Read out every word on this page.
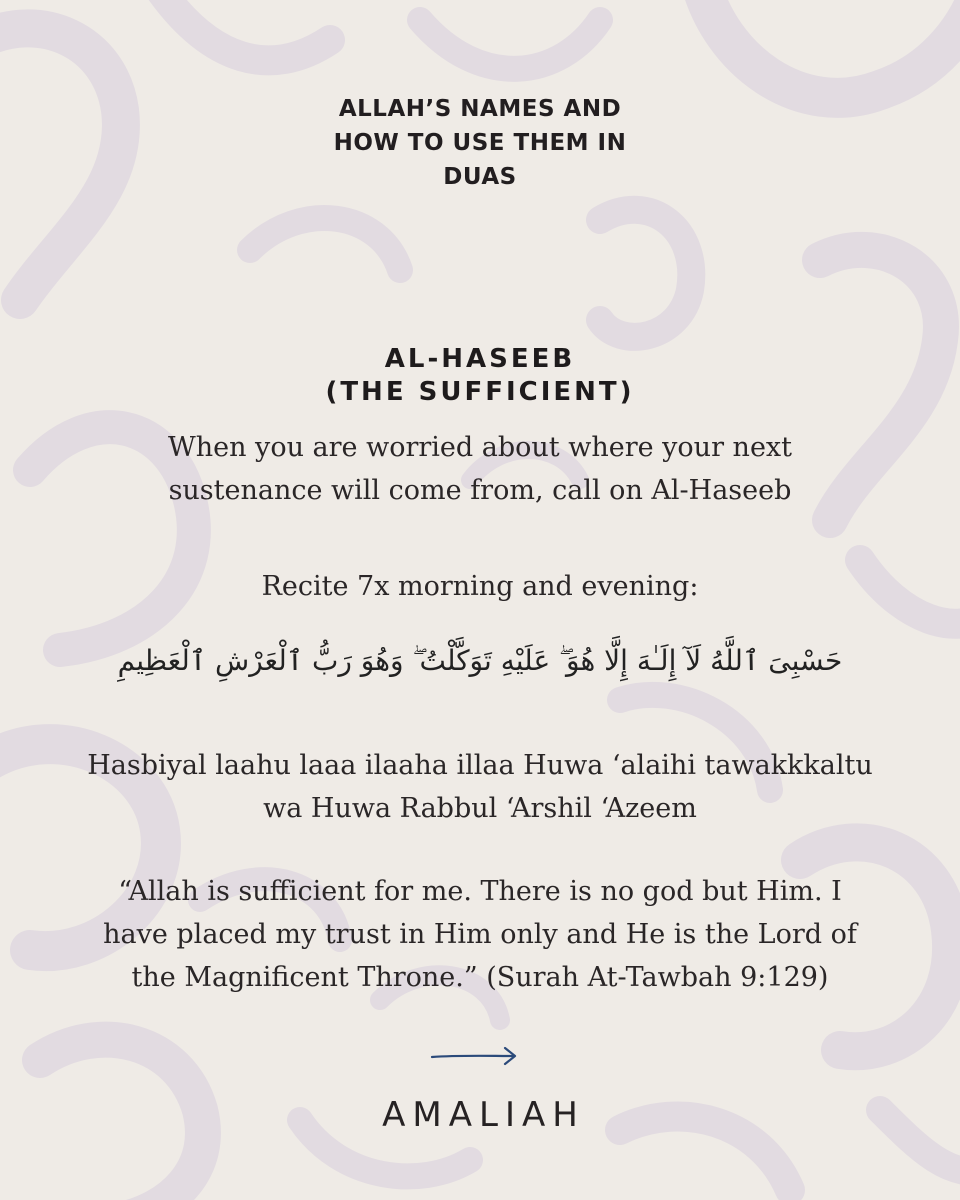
ALLAH’S NAMES AND
HOW TO USE THEM IN
DUAS
AL-HASEEB
(THE SUFFICIENT)
When you are worried about where your next
sustenance will come from, call on Al-Haseeb
Recite 7x morning and evening:
حَسْبِىَ ٱللَّهُ لَآ إِلَـٰهَ إِلَّا هُوَ ۖ عَلَيْهِ تَوَكَّلْتُ ۖ وَهُوَ رَبُّ ٱلْعَرْشِ ٱلْعَظِيمِ
Hasbiyal laahu laaa ilaaha illaa Huwa ‘alaihi tawakkkaltu
wa Huwa Rabbul ‘Arshil ‘Azeem
“Allah is sufficient for me. There is no god but Him. I
have placed my trust in Him only and He is the Lord of
the Magnificent Throne.” (Surah At-Tawbah 9:129)
AMALIAH
